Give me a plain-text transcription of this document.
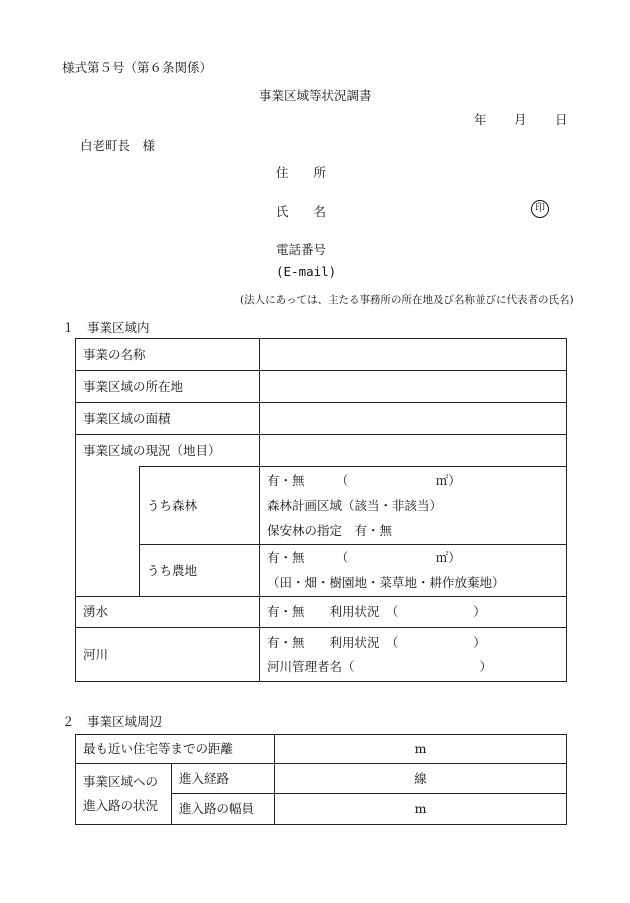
様式第５号（第６条関係）
事業区域等状況調書
年 月 日
白老町長　様
住　　所
氏　　名	印
電話番号
(E-mail)
(法人にあっては、主たる事務所の所在地及び名称並びに代表者の氏名)
１　事業区域内
事業の名称		
事業区域の所在地		
事業区域の面積		
事業区域の現況（地目）		
	うち森林	有・無　　　（　　　　　　　㎡）
森林計画区域（該当・非該当）
保安林の指定　有・無

	うち農地	有・無　　　（　　　　　　　㎡）
（田・畑・樹園地・菜草地・耕作放棄地）

湧水		有・無　　利用状況　（　　　　　　）

河川		有・無　　利用状況　（　　　　　　）
河川管理者名（　　　　　　　　　　）
２　事業区域周辺
最も近い住宅等までの距離		m

事業区域への
進入路の状況	進入経路	線
	進入路の幅員	m
